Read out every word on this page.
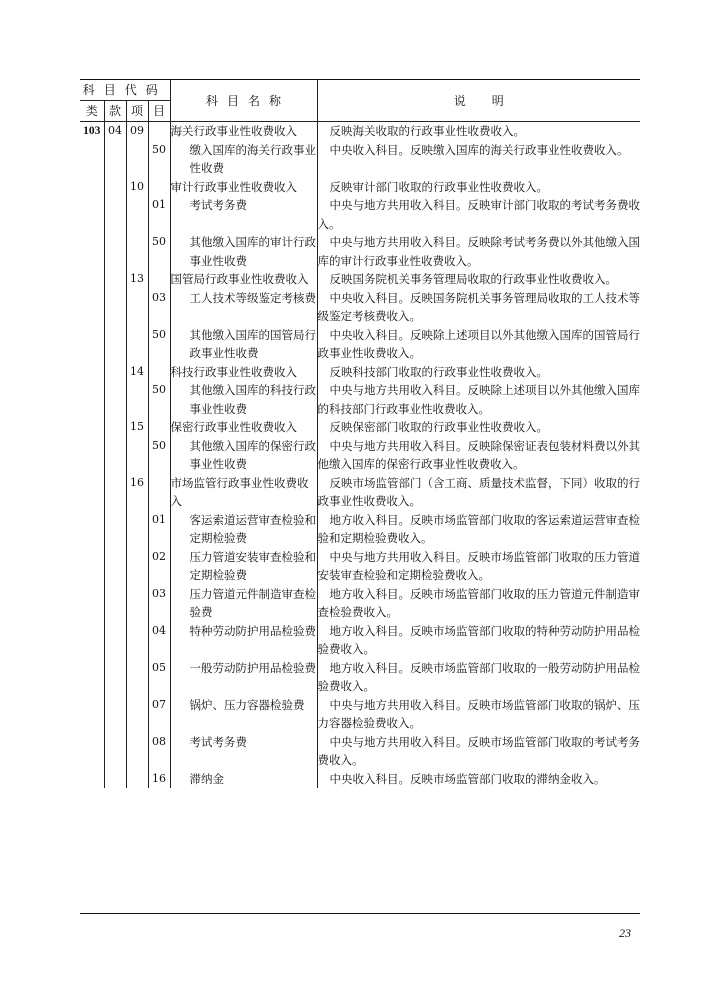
科目代码				科目名称	说明
类	款	项	目		
103	04	09		海关行政事业性收费收入	反映海关收取的行政事业性收费收入。
			50	缴入国库的海关行政事业性收费	中央收入科目。反映缴入国库的海关行政事业性收费收入。
		10		审计行政事业性收费收入	反映审计部门收取的行政事业性收费收入。
			01	考试考务费	中央与地方共用收入科目。反映审计部门收取的考试考务费收入。
			50	其他缴入国库的审计行政事业性收费	中央与地方共用收入科目。反映除考试考务费以外其他缴入国库的审计行政事业性收费收入。
		13		国管局行政事业性收费收入	反映国务院机关事务管理局收取的行政事业性收费收入。
			03	工人技术等级鉴定考核费	中央收入科目。反映国务院机关事务管理局收取的工人技术等级鉴定考核费收入。
			50	其他缴入国库的国管局行政事业性收费	中央收入科目。反映除上述项目以外其他缴入国库的国管局行政事业性收费收入。
		14		科技行政事业性收费收入	反映科技部门收取的行政事业性收费收入。
			50	其他缴入国库的科技行政事业性收费	中央与地方共用收入科目。反映除上述项目以外其他缴入国库的科技部门行政事业性收费收入。
		15		保密行政事业性收费收入	反映保密部门收取的行政事业性收费收入。
			50	其他缴入国库的保密行政事业性收费	中央与地方共用收入科目。反映除保密证表包装材料费以外其他缴入国库的保密行政事业性收费收入。
		16		市场监管行政事业性收费收入	反映市场监管部门（含工商、质量技术监督，下同）收取的行政事业性收费收入。
			01	客运索道运营审查检验和定期检验费	地方收入科目。反映市场监管部门收取的客运索道运营审查检验和定期检验费收入。
			02	压力管道安装审查检验和定期检验费	中央与地方共用收入科目。反映市场监管部门收取的压力管道安装审查检验和定期检验费收入。
			03	压力管道元件制造审查检验费	地方收入科目。反映市场监管部门收取的压力管道元件制造审查检验费收入。
			04	特种劳动防护用品检验费	地方收入科目。反映市场监管部门收取的特种劳动防护用品检验费收入。
			05	一般劳动防护用品检验费	地方收入科目。反映市场监管部门收取的一般劳动防护用品检验费收入。
			07	锅炉、压力容器检验费	中央与地方共用收入科目。反映市场监管部门收取的锅炉、压力容器检验费收入。
			08	考试考务费	中央与地方共用收入科目。反映市场监管部门收取的考试考务费收入。
			16	滞纳金	中央收入科目。反映市场监管部门收取的滞纳金收入。
23
